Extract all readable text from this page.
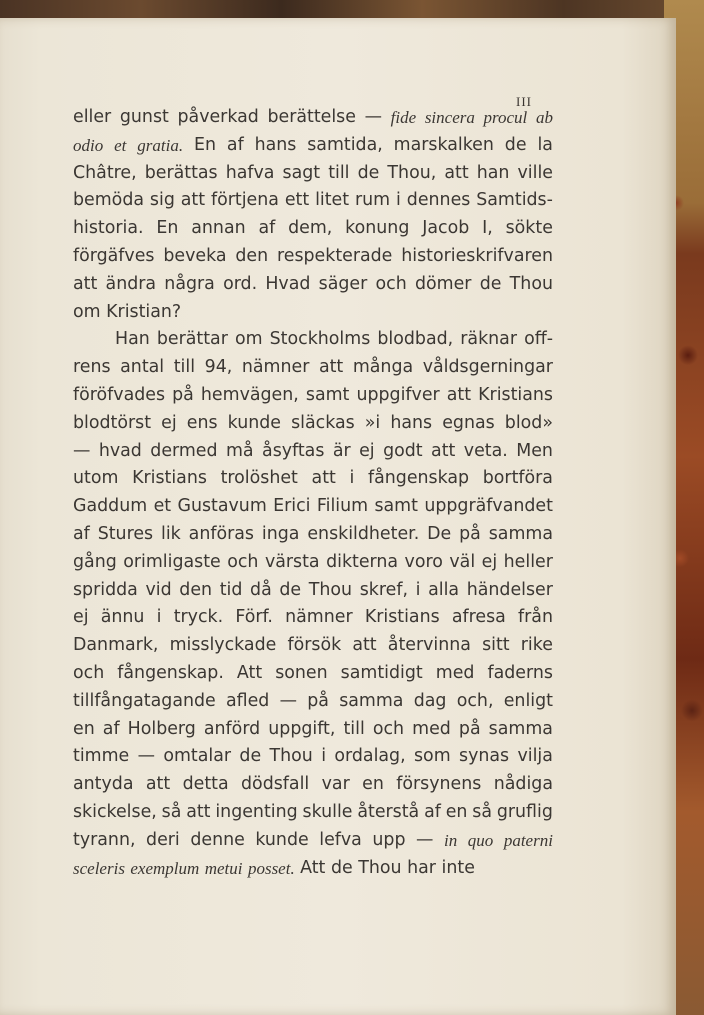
III
eller gunst påverkad berättelse — fide sincera procul ab
odio et gratia. En af hans samtida, marskalken de la
Châtre, berättas hafva sagt till de Thou, att han ville
bemöda sig att förtjena ett litet rum i dennes Samtids-
historia. En annan af dem, konung Jacob I, sökte
förgäfves beveka den respekterade historieskrifvaren
att ändra några ord. Hvad säger och dömer de Thou
om Kristian?
Han berättar om Stockholms blodbad, räknar off-
rens antal till 94, nämner att många våldsgerningar
föröfvades på hemvägen, samt uppgifver att Kristians
blodtörst ej ens kunde släckas »i hans egnas blod»
— hvad dermed må åsyftas är ej godt att veta. Men
utom Kristians trolöshet att i fångenskap bortföra
Gaddum et Gustavum Erici Filium samt uppgräfvandet
af Stures lik anföras inga enskildheter. De på samma
gång orimligaste och värsta dikterna voro väl ej heller
spridda vid den tid då de Thou skref, i alla händelser
ej ännu i tryck. Förf. nämner Kristians afresa från
Danmark, misslyckade försök att återvinna sitt rike
och fångenskap. Att sonen samtidigt med faderns
tillfångatagande afled — på samma dag och, enligt
en af Holberg anförd uppgift, till och med på samma
timme — omtalar de Thou i ordalag, som synas vilja
antyda att detta dödsfall var en försynens nådiga
skickelse, så att ingenting skulle återstå af en så gruflig
tyrann, deri denne kunde lefva upp — in quo paterni
sceleris exemplum metui posset. Att de Thou har inte
